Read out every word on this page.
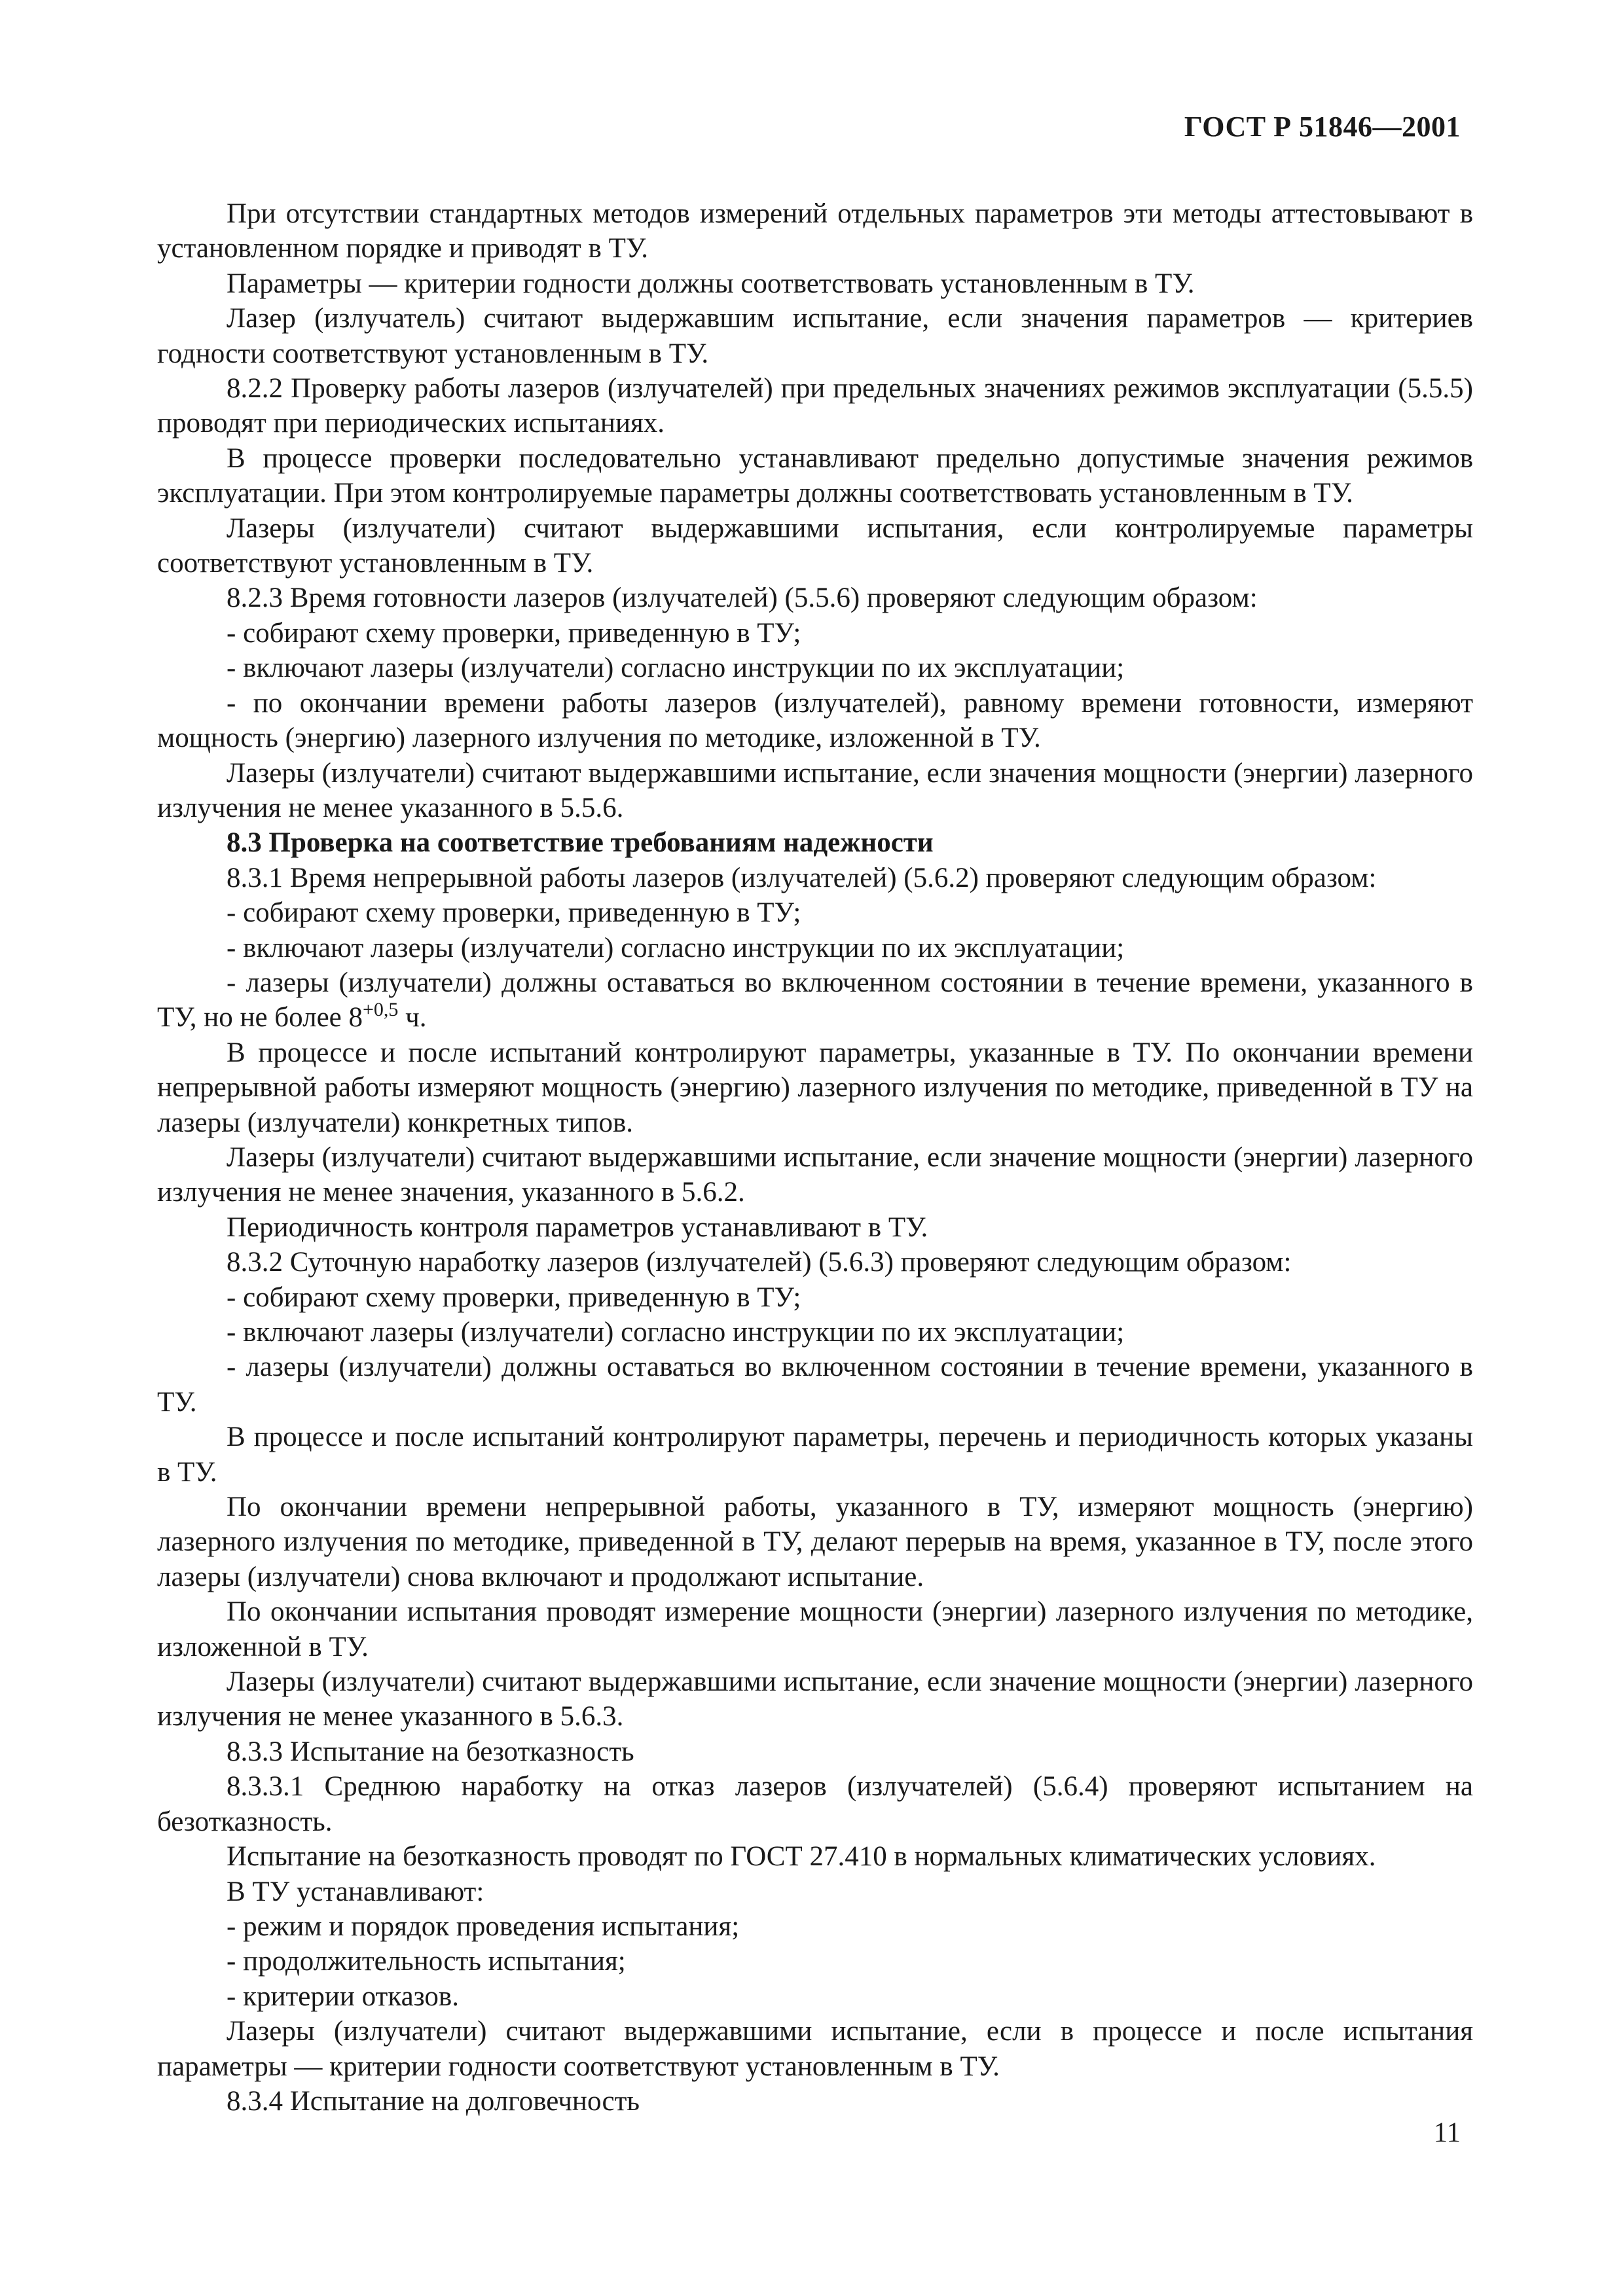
ГОСТ Р 51846—2001

При отсутствии стандартных методов измерений отдельных параметров эти методы аттестовывают в установленном порядке и приводят в ТУ.

Параметры — критерии годности должны соответствовать установленным в ТУ.

Лазер (излучатель) считают выдержавшим испытание, если значения параметров — критериев годности соответствуют установленным в ТУ.

8.2.2 Проверку работы лазеров (излучателей) при предельных значениях режимов эксплуатации (5.5.5) проводят при периодических испытаниях.

В процессе проверки последовательно устанавливают предельно допустимые значения режимов эксплуатации. При этом контролируемые параметры должны соответствовать установленным в ТУ.

Лазеры (излучатели) считают выдержавшими испытания, если контролируемые параметры соответствуют установленным в ТУ.

8.2.3 Время готовности лазеров (излучателей) (5.5.6) проверяют следующим образом:

- собирают схему проверки, приведенную в ТУ;

- включают лазеры (излучатели) согласно инструкции по их эксплуатации;

- по окончании времени работы лазеров (излучателей), равному времени готовности, измеряют мощность (энергию) лазерного излучения по методике, изложенной в ТУ.

Лазеры (излучатели) считают выдержавшими испытание, если значения мощности (энергии) лазерного излучения не менее указанного в 5.5.6.

8.3 Проверка на соответствие требованиям надежности

8.3.1 Время непрерывной работы лазеров (излучателей) (5.6.2) проверяют следующим образом:

- собирают схему проверки, приведенную в ТУ;

- включают лазеры (излучатели) согласно инструкции по их эксплуатации;

- лазеры (излучатели) должны оставаться во включенном состоянии в течение времени, указанного в ТУ, но не более $8^{+0,5}$ ч.

В процессе и после испытаний контролируют параметры, указанные в ТУ. По окончании времени непрерывной работы измеряют мощность (энергию) лазерного излучения по методике, приведенной в ТУ на лазеры (излучатели) конкретных типов.

Лазеры (излучатели) считают выдержавшими испытание, если значение мощности (энергии) лазерного излучения не менее значения, указанного в 5.6.2.

Периодичность контроля параметров устанавливают в ТУ.

8.3.2 Суточную наработку лазеров (излучателей) (5.6.3) проверяют следующим образом:

- собирают схему проверки, приведенную в ТУ;

- включают лазеры (излучатели) согласно инструкции по их эксплуатации;

- лазеры (излучатели) должны оставаться во включенном состоянии в течение времени, указанного в ТУ.

В процессе и после испытаний контролируют параметры, перечень и периодичность которых указаны в ТУ.

По окончании времени непрерывной работы, указанного в ТУ, измеряют мощность (энергию) лазерного излучения по методике, приведенной в ТУ, делают перерыв на время, указанное в ТУ, после этого лазеры (излучатели) снова включают и продолжают испытание.

По окончании испытания проводят измерение мощности (энергии) лазерного излучения по методике, изложенной в ТУ.

Лазеры (излучатели) считают выдержавшими испытание, если значение мощности (энергии) лазерного излучения не менее указанного в 5.6.3.

8.3.3 Испытание на безотказность

8.3.3.1 Среднюю наработку на отказ лазеров (излучателей) (5.6.4) проверяют испытанием на безотказность.

Испытание на безотказность проводят по ГОСТ 27.410 в нормальных климатических условиях.

В ТУ устанавливают:

- режим и порядок проведения испытания;

- продолжительность испытания;

- критерии отказов.

Лазеры (излучатели) считают выдержавшими испытание, если в процессе и после испытания параметры — критерии годности соответствуют установленным в ТУ.

8.3.4 Испытание на долговечность

11
